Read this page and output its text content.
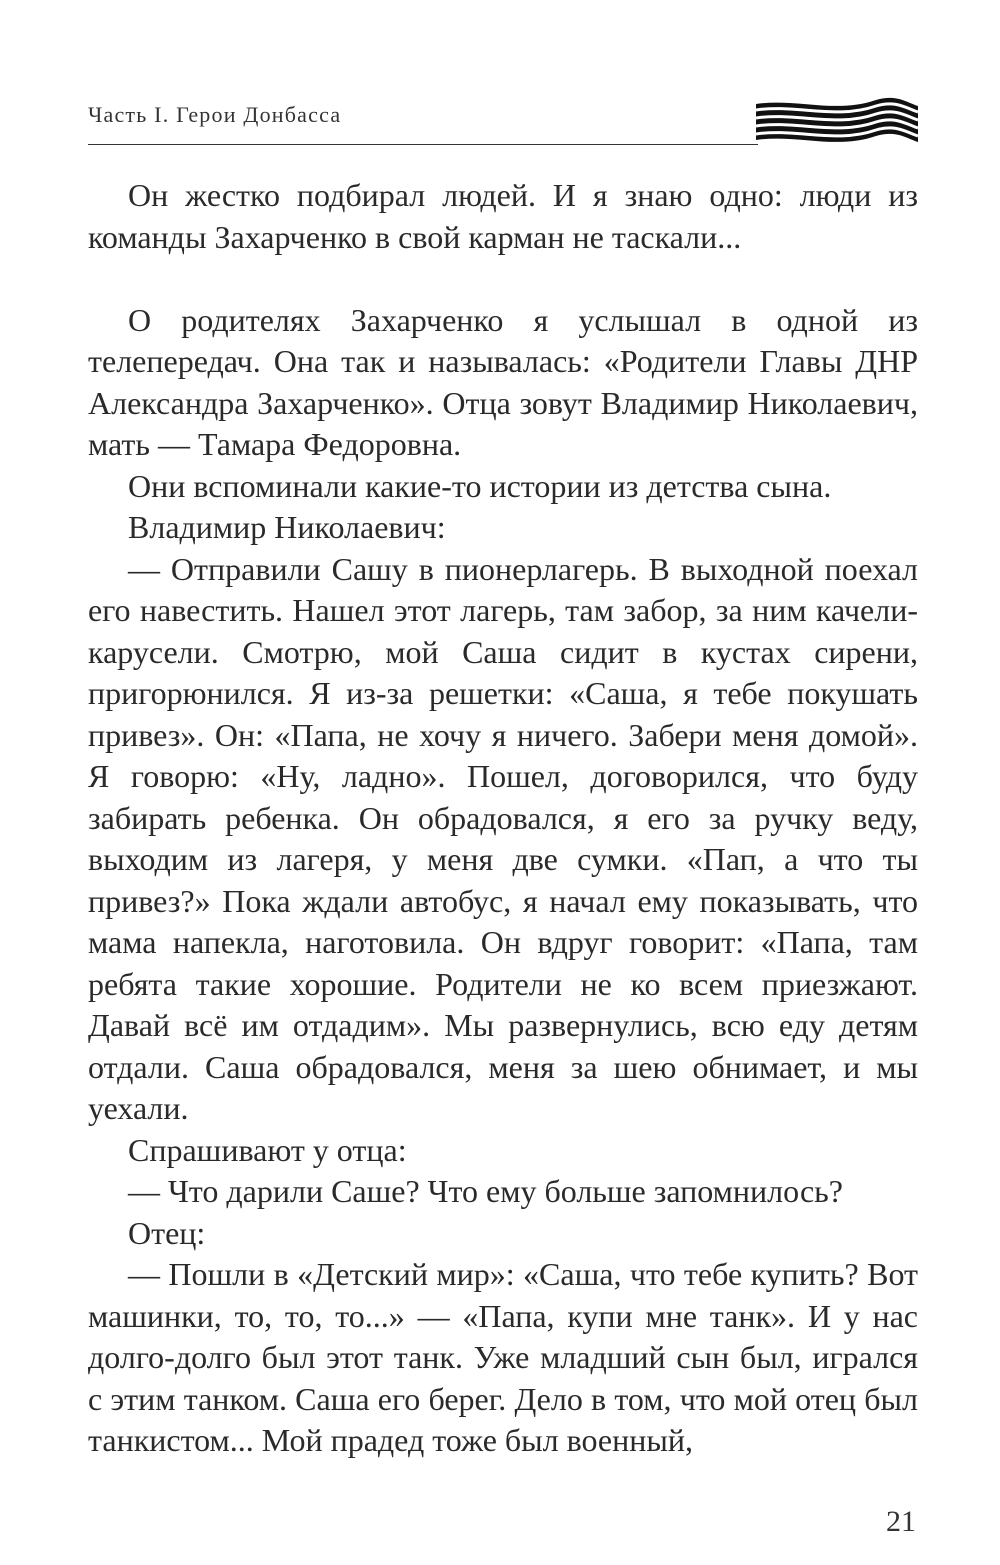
Часть I. Герои Донбасса

Он жестко подбирал людей. И я знаю одно: люди из команды Захарченко в свой карман не таскали...

О родителях Захарченко я услышал в одной из телепередач. Она так и называлась: «Родители Главы ДНР Александра Захарченко». Отца зовут Владимир Николаевич, мать — Тамара Федоровна.

Они вспоминали какие-то истории из детства сына.

Владимир Николаевич:

— Отправили Сашу в пионерлагерь. В выходной поехал его навестить. Нашел этот лагерь, там забор, за ним качели-карусели. Смотрю, мой Саша сидит в кустах сирени, пригорюнился. Я из-за решетки: «Саша, я тебе покушать привез». Он: «Папа, не хочу я ничего. Забери меня домой». Я говорю: «Ну, ладно». Пошел, договорился, что буду забирать ребенка. Он обрадовался, я его за ручку веду, выходим из лагеря, у меня две сумки. «Пап, а что ты привез?» Пока ждали автобус, я начал ему показывать, что мама напекла, наготовила. Он вдруг говорит: «Папа, там ребята такие хорошие. Родители не ко всем приезжают. Давай всё им отдадим». Мы развернулись, всю еду детям отдали. Саша обрадовался, меня за шею обнимает, и мы уехали.

Спрашивают у отца:

— Что дарили Саше? Что ему больше запомнилось?

Отец:

— Пошли в «Детский мир»: «Саша, что тебе купить? Вот машинки, то, то, то...» — «Папа, купи мне танк». И у нас долго-долго был этот танк. Уже младший сын был, игрался с этим танком. Саша его берег. Дело в том, что мой отец был танкистом... Мой прадед тоже был военный,

21
